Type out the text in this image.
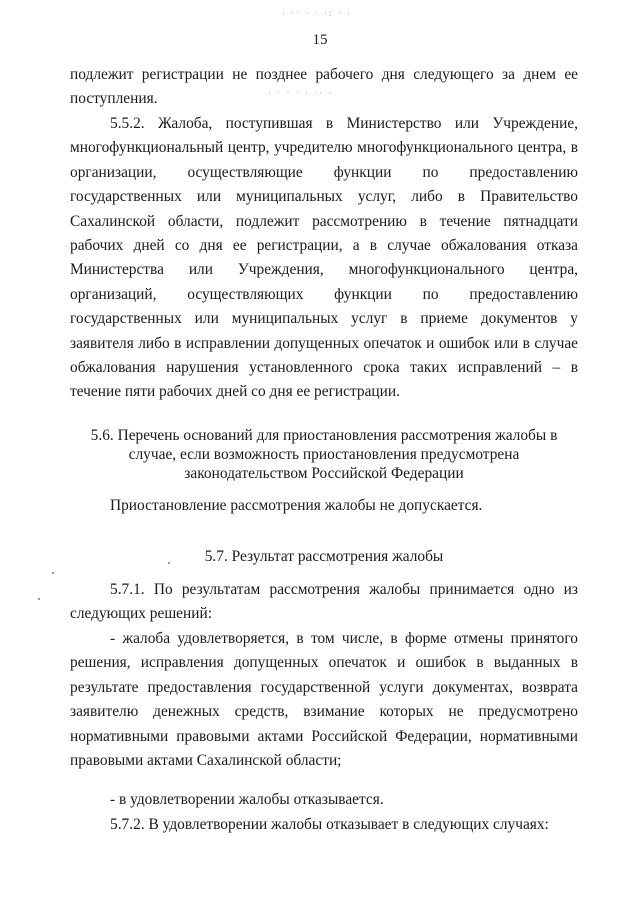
· ·· · · ·: · ·
· · · · · ·· ·
15

подлежит регистрации не позднее рабочего дня следующего за днем ее поступления.

5.5.2. Жалоба, поступившая в Министерство или Учреждение, многофункциональный центр, учредителю многофункционального центра, в организации, осуществляющие функции по предоставлению государственных или муниципальных услуг, либо в Правительство Сахалинской области, подлежит рассмотрению в течение пятнадцати рабочих дней со дня ее регистрации, а в случае обжалования отказа Министерства или Учреждения, многофункционального центра, организаций, осуществляющих функции по предоставлению государственных или муниципальных услуг в приеме документов у заявителя либо в исправлении допущенных опечаток и ошибок или в случае обжалования нарушения установленного срока таких исправлений – в течение пяти рабочих дней со дня ее регистрации.

5.6. Перечень оснований для приостановления рассмотрения жалобы в

случае, если возможность приостановления предусмотрена

законодательством Российской Федерации

Приостановление рассмотрения жалобы не допускается.

5.7. Результат рассмотрения жалобы

5.7.1. По результатам рассмотрения жалобы принимается одно из следующих решений:

- жалоба удовлетворяется, в том числе, в форме отмены принятого решения, исправления допущенных опечаток и ошибок в выданных в результате предоставления государственной услуги документах, возврата заявителю денежных средств, взимание которых не предусмотрено нормативными правовыми актами Российской Федерации, нормативными правовыми актами Сахалинской области;

- в удовлетворении жалобы отказывается.

5.7.2. В удовлетворении жалобы отказывает в следующих случаях:
